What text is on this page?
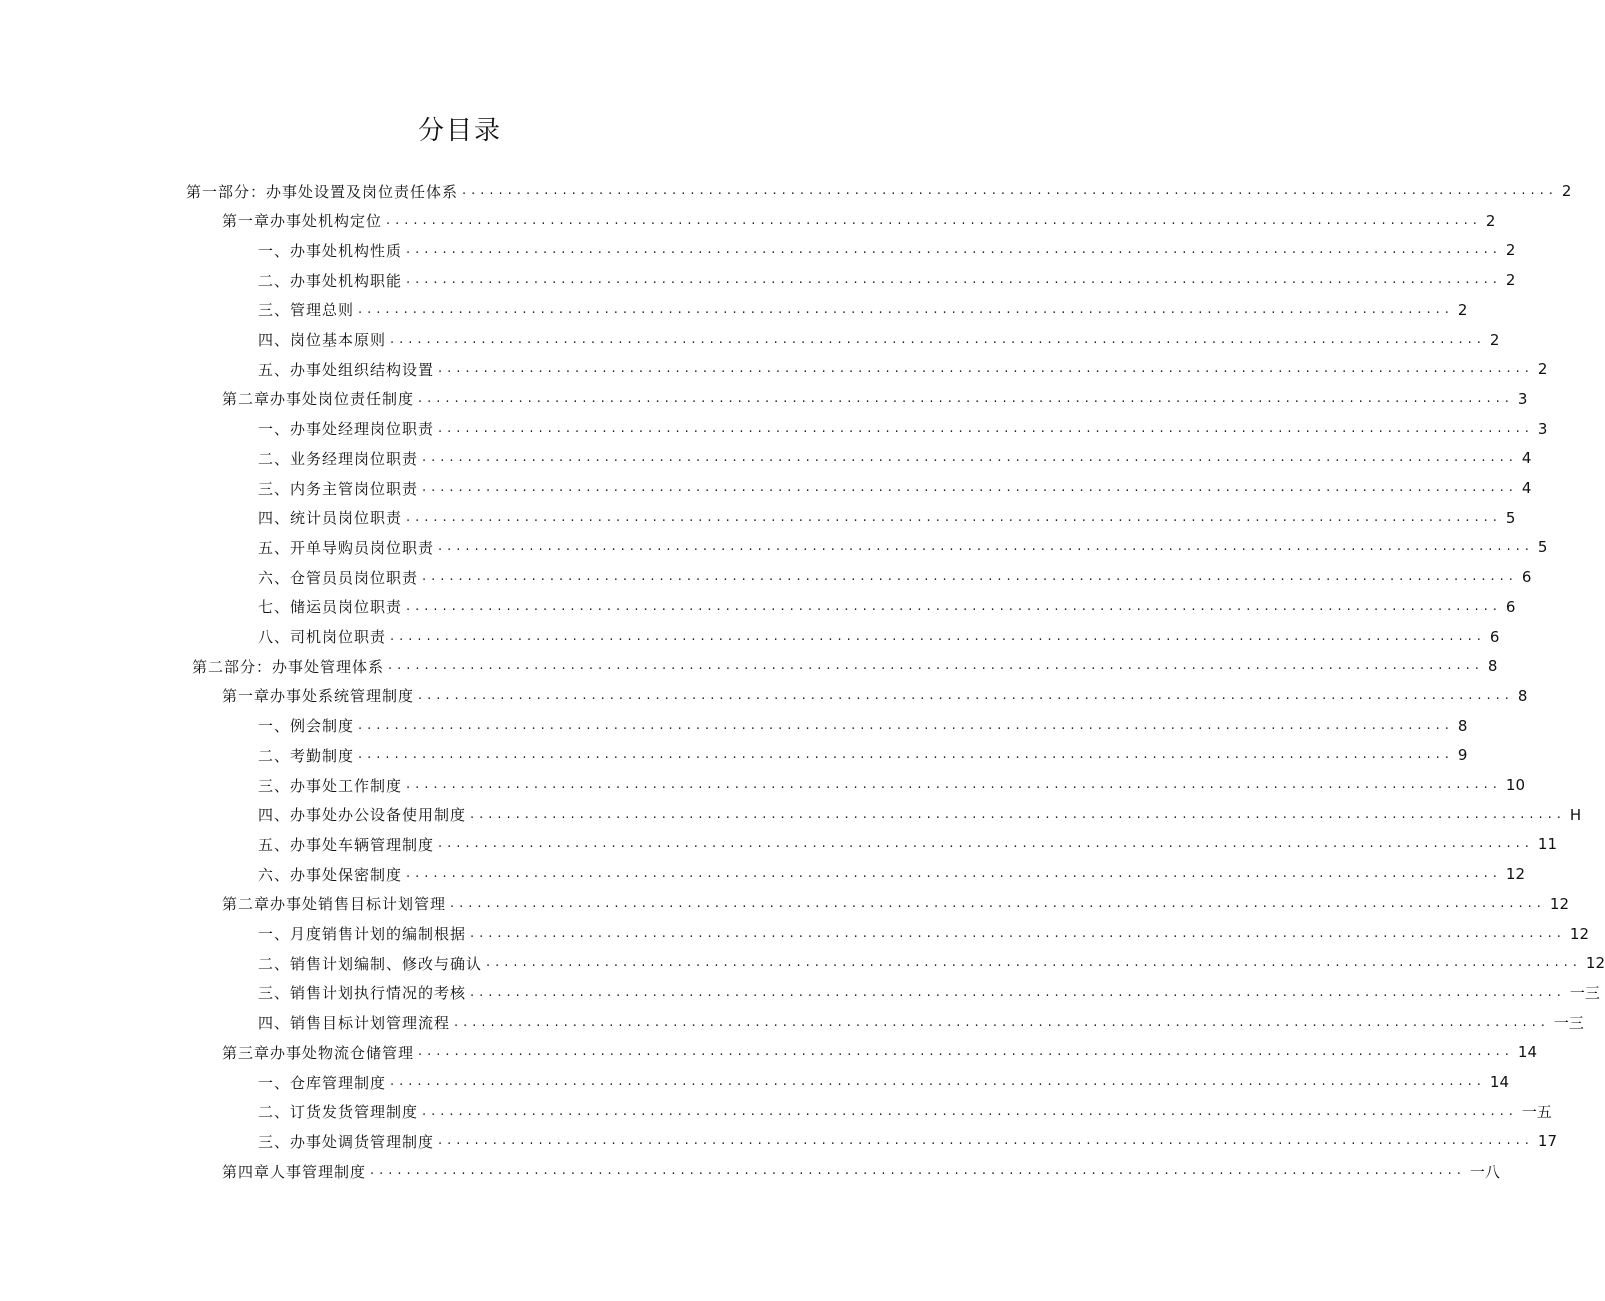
分目录
第一部分：办事处设置及岗位责任体系 ........................................................................................................................ 2
第一章办事处机构定位 ........................................................................................................................ 2
一、办事处机构性质 ........................................................................................................................ 2
二、办事处机构职能 ........................................................................................................................ 2
三、管理总则 ........................................................................................................................ 2
四、岗位基本原则 ........................................................................................................................ 2
五、办事处组织结构设置 ........................................................................................................................ 2
第二章办事处岗位责任制度 ........................................................................................................................ 3
一、办事处经理岗位职责 ........................................................................................................................ 3
二、业务经理岗位职责 ........................................................................................................................ 4
三、内务主管岗位职责 ........................................................................................................................ 4
四、统计员岗位职责 ........................................................................................................................ 5
五、开单导购员岗位职责 ........................................................................................................................ 5
六、仓管员员岗位职责 ........................................................................................................................ 6
七、储运员岗位职责 ........................................................................................................................ 6
八、司机岗位职责 ........................................................................................................................ 6
第二部分：办事处管理体系 ........................................................................................................................ 8
第一章办事处系统管理制度 ........................................................................................................................ 8
一、例会制度 ........................................................................................................................ 8
二、考勤制度 ........................................................................................................................ 9
三、办事处工作制度 ........................................................................................................................ 10
四、办事处办公设备使用制度 ........................................................................................................................ H
五、办事处车辆管理制度 ........................................................................................................................ 11
六、办事处保密制度 ........................................................................................................................ 12
第二章办事处销售目标计划管理 ........................................................................................................................ 12
一、月度销售计划的编制根据 ........................................................................................................................ 12
二、销售计划编制、修改与确认 ........................................................................................................................ 12
三、销售计划执行情况的考核 ........................................................................................................................ 一三
四、销售目标计划管理流程 ........................................................................................................................ 一三
第三章办事处物流仓储管理 ........................................................................................................................ 14
一、仓库管理制度 ........................................................................................................................ 14
二、订货发货管理制度 ........................................................................................................................ 一五
三、办事处调货管理制度 ........................................................................................................................ 17
第四章人事管理制度 ........................................................................................................................ 一八
